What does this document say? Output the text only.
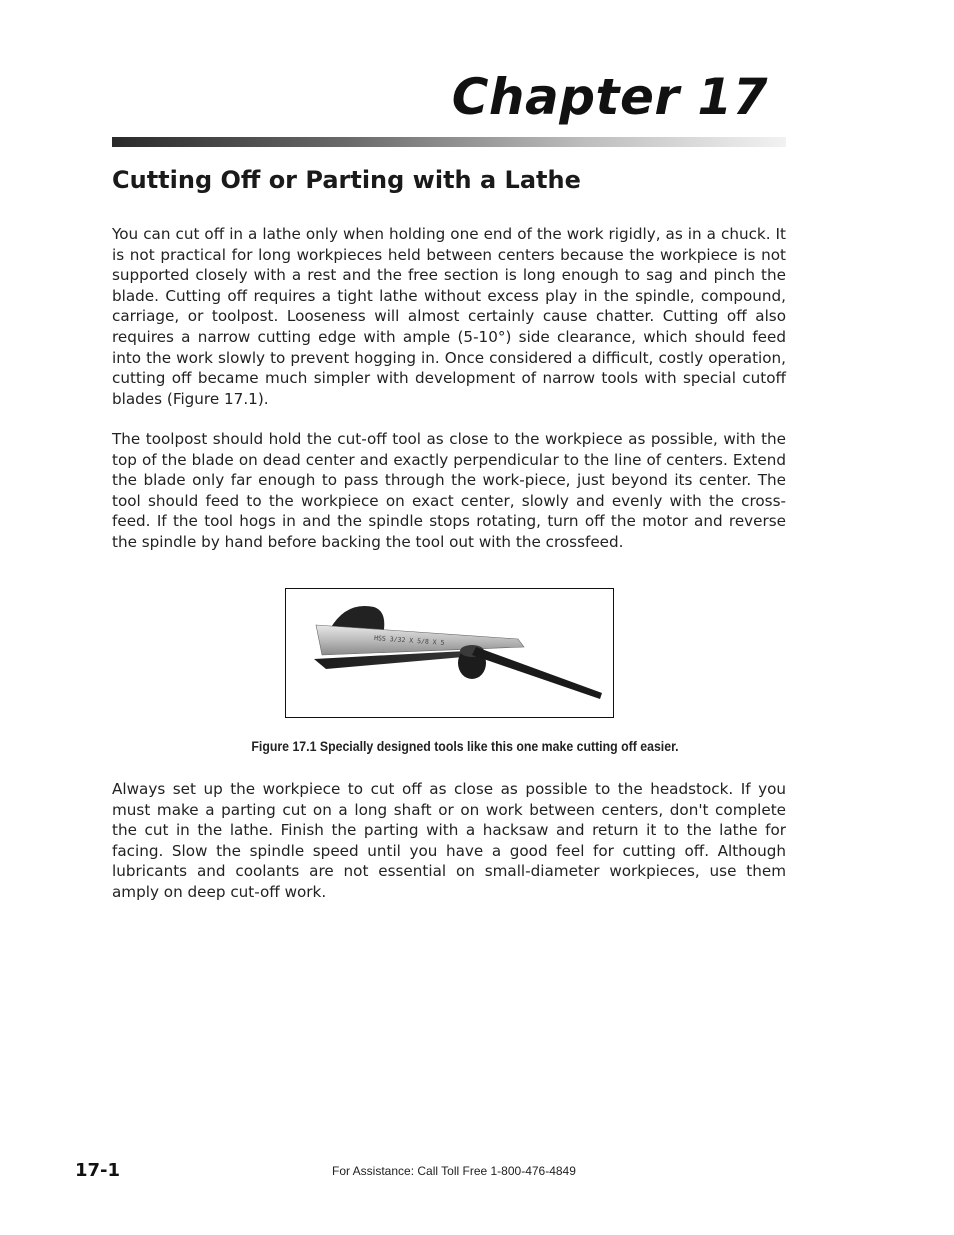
Chapter 17
Cutting Off or Parting with a Lathe

You can cut off in a lathe only when holding one end of the work rigidly, as in a chuck. It is not practical for long workpieces held between centers because the workpiece is not supported closely with a rest and the free section is long enough to sag and pinch the blade. Cutting off requires a tight lathe without excess play in the spindle, compound, carriage, or toolpost. Looseness will almost certainly cause chatter. Cutting off also requires a narrow cutting edge with ample (5-10°) side clearance, which should feed into the work slowly to prevent hogging in. Once considered a difficult, costly operation, cutting off became much simpler with development of narrow tools with special cutoff blades (Figure 17.1).

The toolpost should hold the cut-off tool as close to the workpiece as possible, with the top of the blade on dead center and exactly perpendicular to the line of centers. Extend the blade only far enough to pass through the work-piece, just beyond its center. The tool should feed to the workpiece on exact center, slowly and evenly with the cross-feed. If the tool hogs in and the spindle stops rotating, turn off the motor and reverse the spindle by hand before backing the tool out with the crossfeed.

HSS 3/32 X 5/8 X 5

Figure 17.1 Specially designed tools like this one make cutting off easier.

Always set up the workpiece to cut off as close as possible to the headstock. If you must make a parting cut on a long shaft or on work between centers, don't complete the cut in the lathe. Finish the parting with a hacksaw and return it to the lathe for facing. Slow the spindle speed until you have a good feel for cutting off. Although lubricants and coolants are not essential on small-diameter workpieces, use them amply on deep cut-off work.

17-1	For Assistance: Call Toll Free 1-800-476-4849
